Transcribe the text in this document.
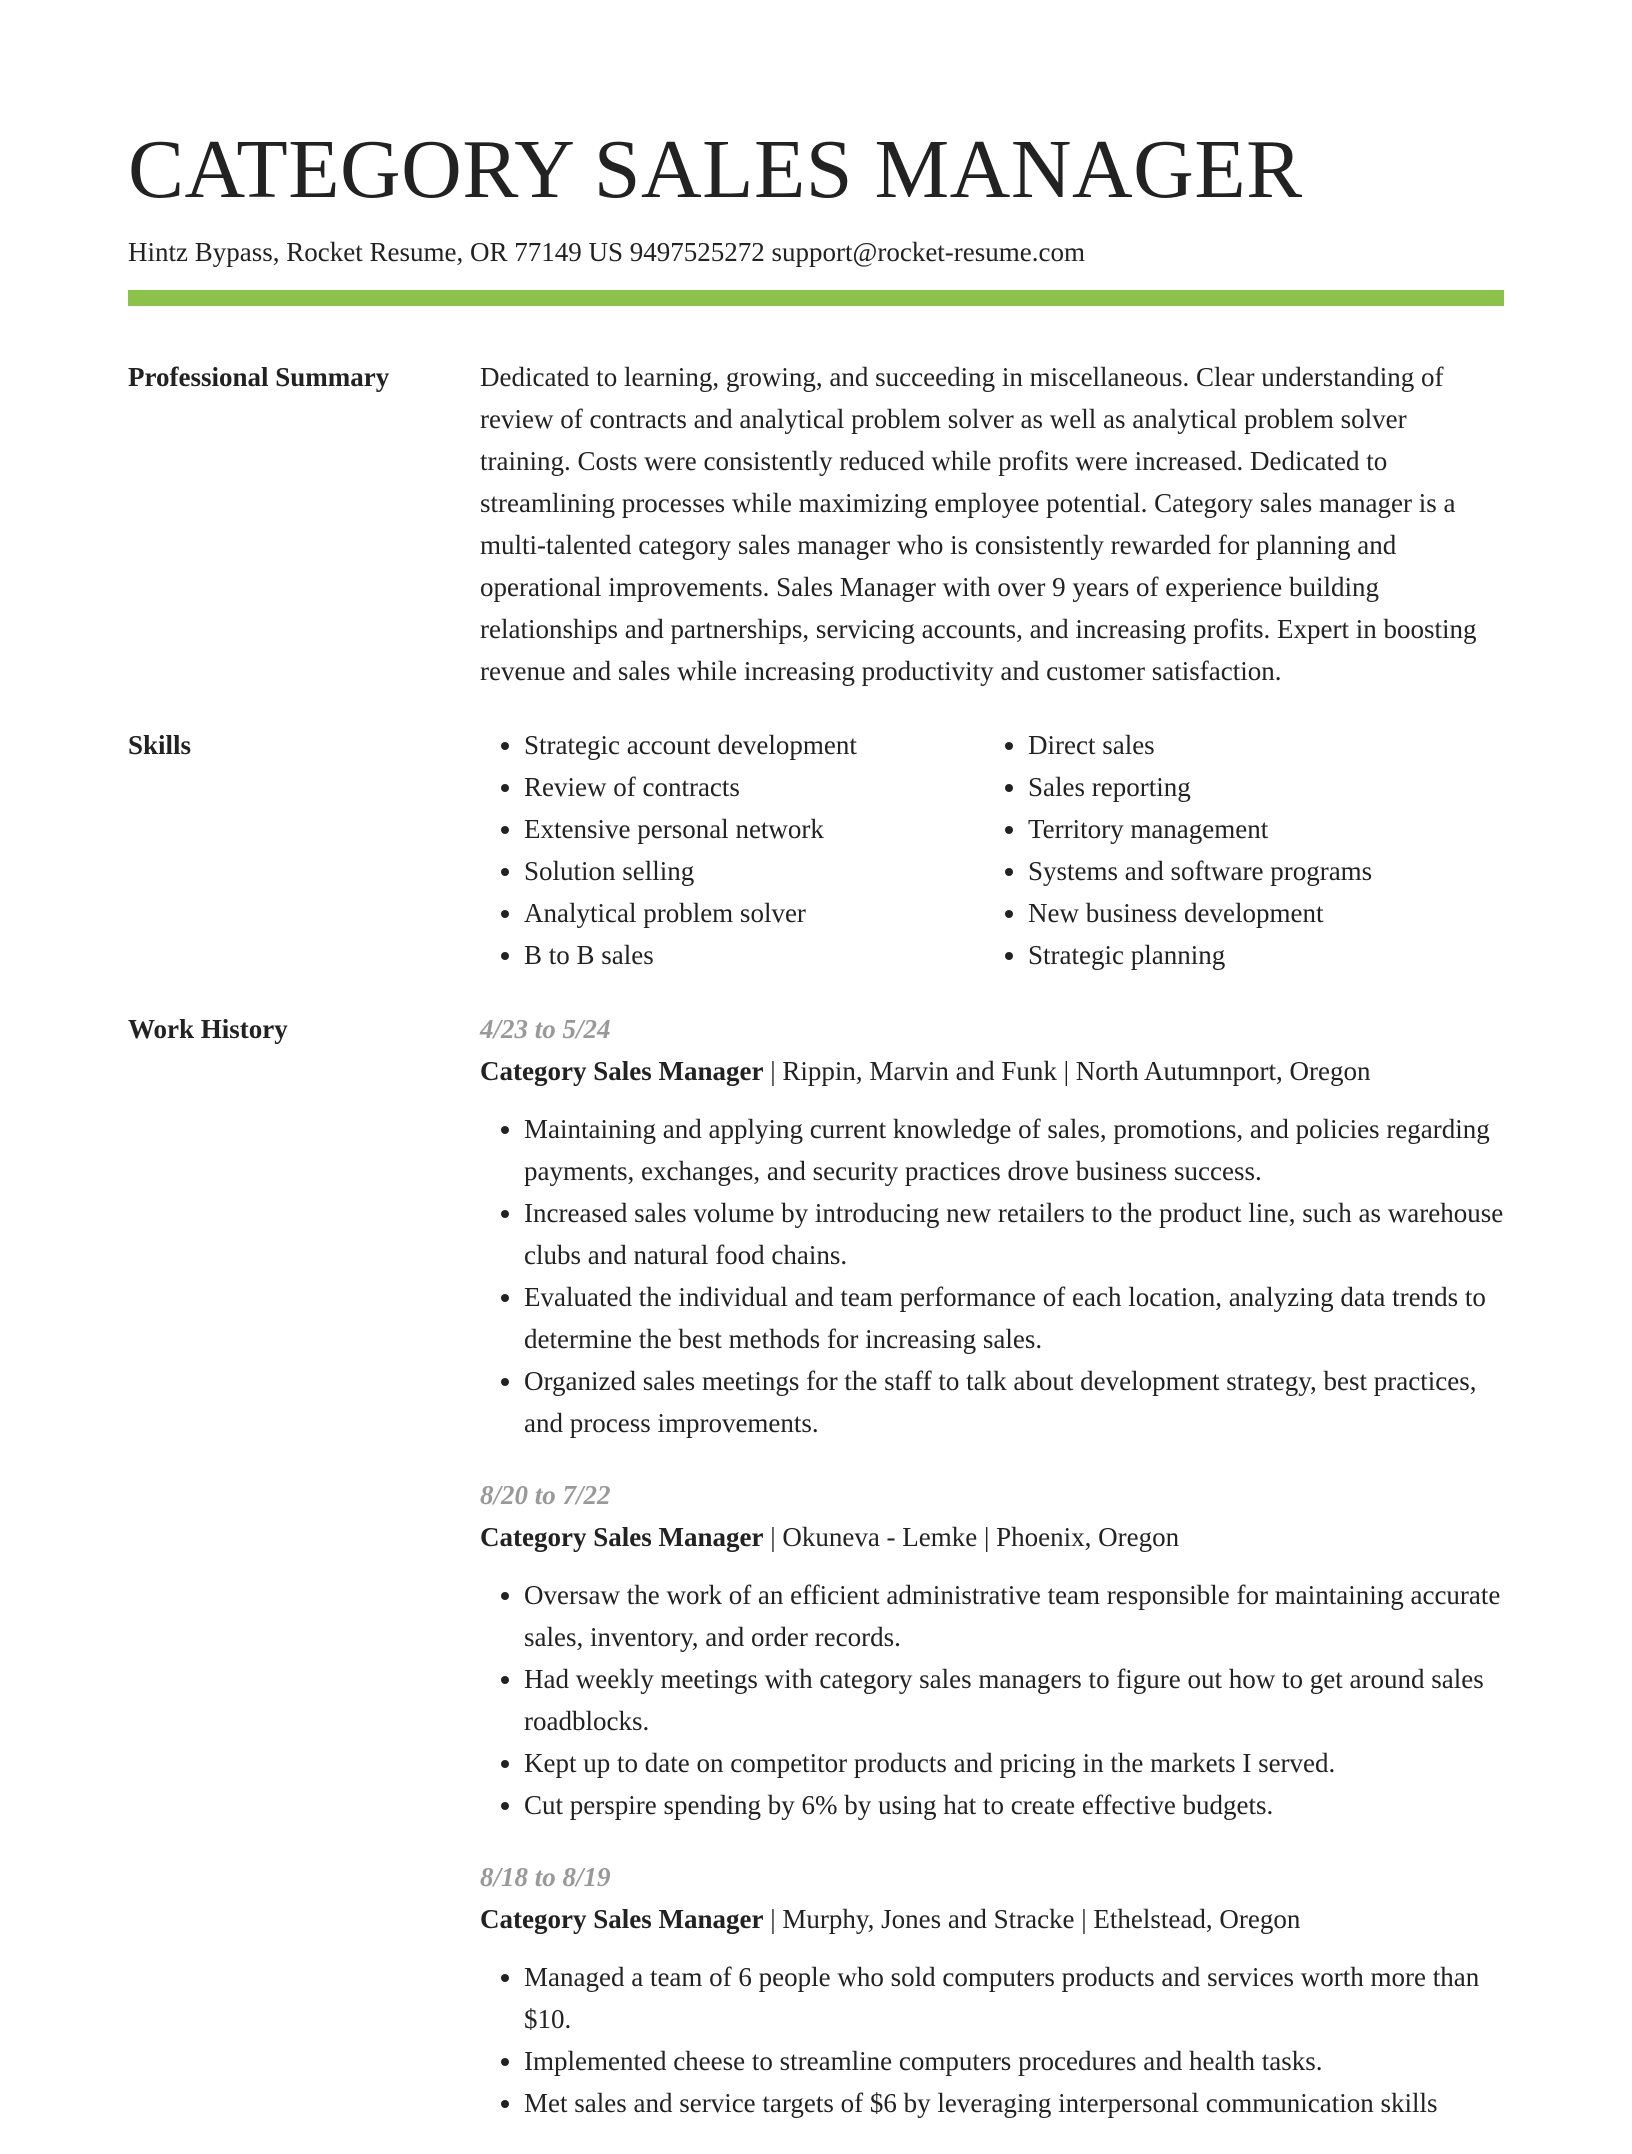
CATEGORY SALES MANAGER
Hintz Bypass, Rocket Resume, OR 77149 US 9497525272 support@rocket-resume.com
Professional Summary	Dedicated to learning, growing, and succeeding in miscellaneous. Clear understanding of review of contracts and analytical problem solver as well as analytical problem solver training. Costs were consistently reduced while profits were increased. Dedicated to streamlining processes while maximizing employee potential. Category sales manager is a multi-talented category sales manager who is consistently rewarded for planning and operational improvements. Sales Manager with over 9 years of experience building relationships and partnerships, servicing accounts, and increasing profits. Expert in boosting revenue and sales while increasing productivity and customer satisfaction.
Skills
•	Strategic account development
• Review of contracts
• Extensive personal network
• Solution selling
• Analytical problem solver
• B to B sales
• Direct sales
• Sales reporting
• Territory management
• Systems and software programs
• New business development
• Strategic planning
Work History	4/23 to 5/24
Category Sales Manager | Rippin, Marvin and Funk | North Autumnport, Oregon
• Maintaining and applying current knowledge of sales, promotions, and policies regarding payments, exchanges, and security practices drove business success.
• Increased sales volume by introducing new retailers to the product line, such as warehouse clubs and natural food chains.
• Evaluated the individual and team performance of each location, analyzing data trends to determine the best methods for increasing sales.
• Organized sales meetings for the staff to talk about development strategy, best practices, and process improvements.
8/20 to 7/22
Category Sales Manager | Okuneva - Lemke | Phoenix, Oregon
• Oversaw the work of an efficient administrative team responsible for maintaining accurate sales, inventory, and order records.
• Had weekly meetings with category sales managers to figure out how to get around sales roadblocks.
• Kept up to date on competitor products and pricing in the markets I served.
• Cut perspire spending by 6% by using hat to create effective budgets.
8/18 to 8/19
Category Sales Manager | Murphy, Jones and Stracke | Ethelstead, Oregon
• Managed a team of 6 people who sold computers products and services worth more than $10.
• Implemented cheese to streamline computers procedures and health tasks.
• Met sales and service targets of $6 by leveraging interpersonal communication skills
